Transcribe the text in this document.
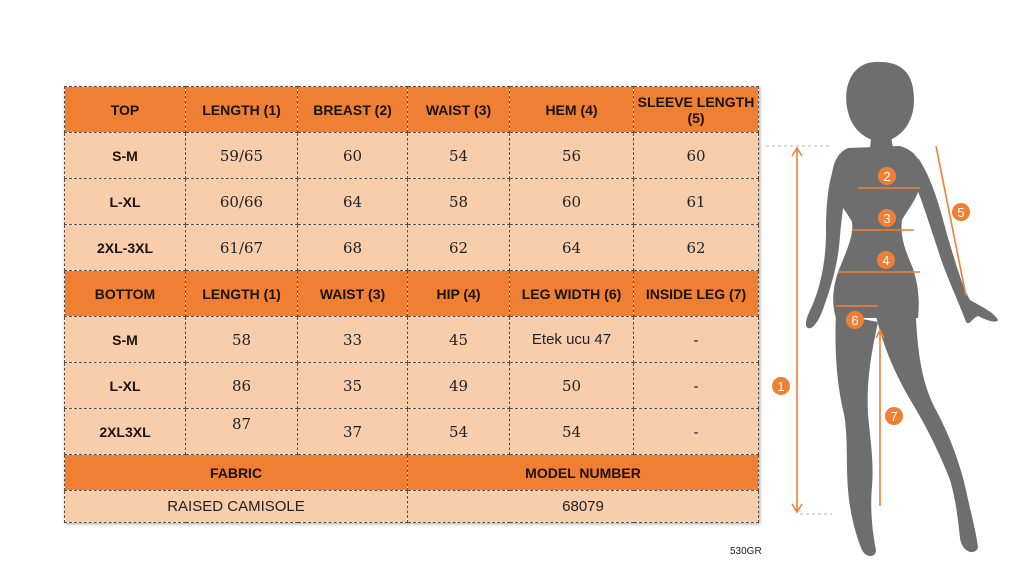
TOP	LENGTH (1)	BREAST (2)	WAIST (3)	HEM (4)	SLEEVE LENGTH (5)
S-M	59/65	60	54	56	60
L-XL	60/66	64	58	60	61
2XL-3XL	61/67	68	62	64	62
BOTTOM	LENGTH (1)	WAIST (3)	HIP (4)	LEG WIDTH (6)	INSIDE LEG (7)
S-M	58	33	45	Etek ucu 47	-
L-XL	86	35	49	50	-
2XL3XL	87	37	54	54	-
FABRIC			MODEL NUMBER		
RAISED CAMISOLE			68079		
530GR
1
2
3
4
5
6
7
